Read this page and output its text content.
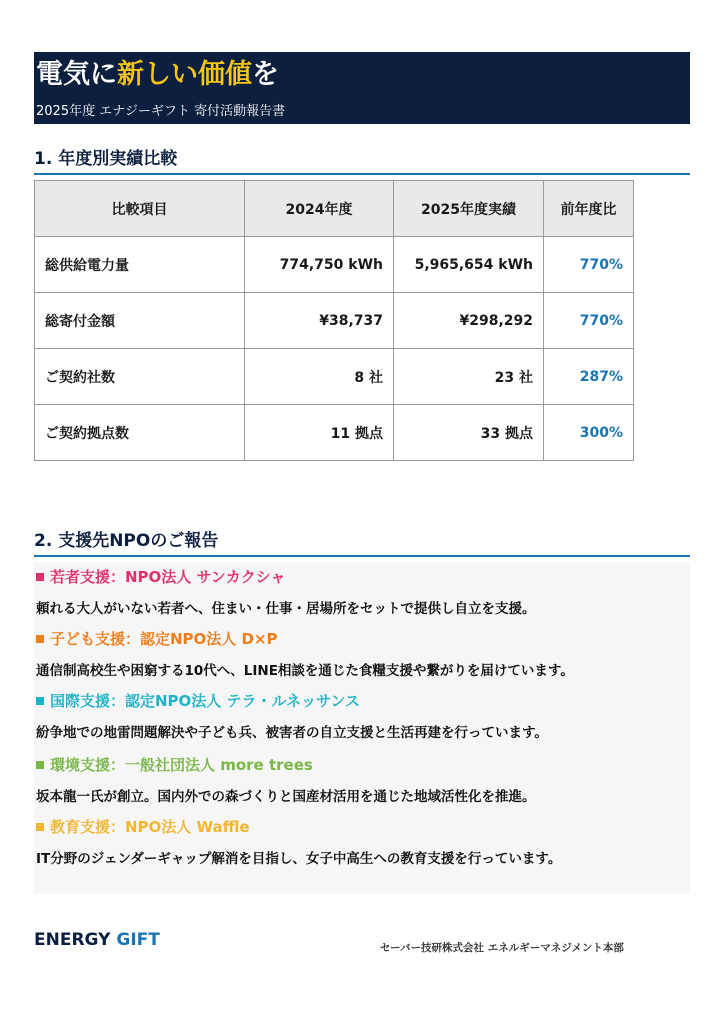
電気に新しい価値を
2025年度 エナジーギフト 寄付活動報告書
1. 年度別実績比較
比較項目	2024年度	2025年度実績	前年度比
総供給電力量	774,750 kWh	5,965,654 kWh	770%
総寄付金額	¥38,737	¥298,292	770%
ご契約社数	8 社	23 社	287%
ご契約拠点数	11 拠点	33 拠点	300%
2. 支援先NPOのご報告
若者支援：NPO法人 サンカクシャ
頼れる大人がいない若者へ、住まい・仕事・居場所をセットで提供し自立を支援。
子ども支援：認定NPO法人 D×P
通信制高校生や困窮する10代へ、LINE相談を通じた食糧支援や繋がりを届けています。
国際支援：認定NPO法人 テラ・ルネッサンス
紛争地での地雷問題解決や子ども兵、被害者の自立支援と生活再建を行っています。
環境支援：一般社団法人 more trees
坂本龍一氏が創立。国内外での森づくりと国産材活用を通じた地域活性化を推進。
教育支援：NPO法人 Waffle
IT分野のジェンダーギャップ解消を目指し、女子中高生への教育支援を行っています。
ENERGY GIFT	セーバー技研株式会社 エネルギーマネジメント本部
